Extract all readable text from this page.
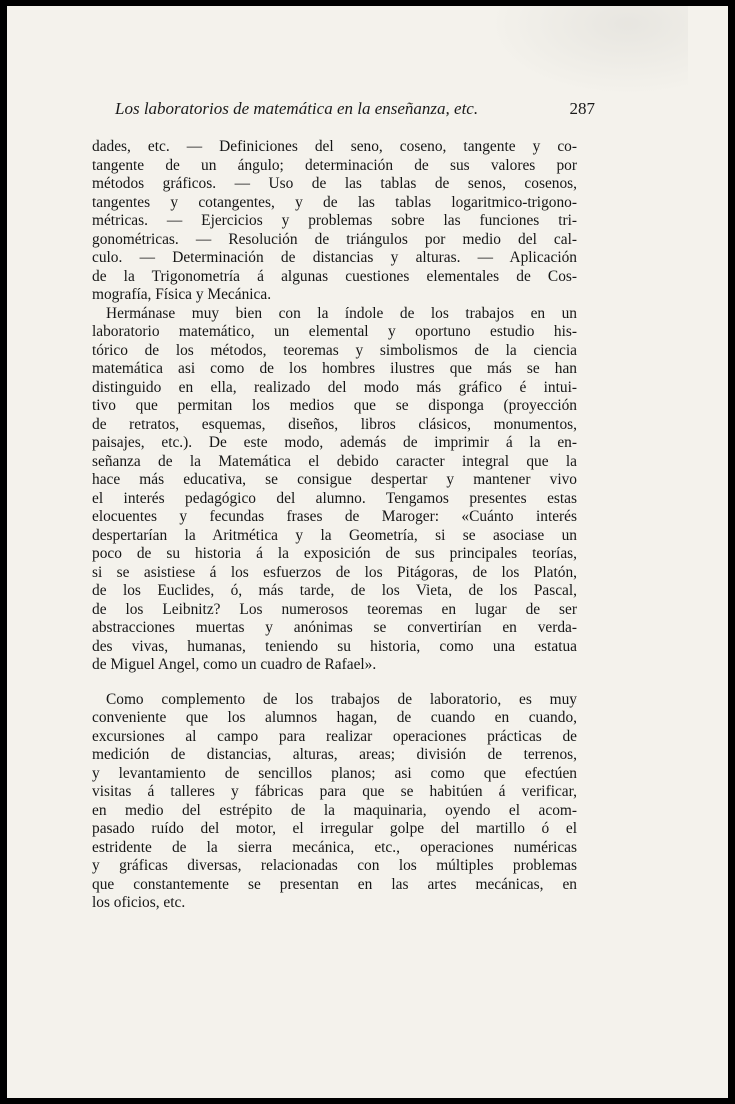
Los laboratorios de matemática en la enseñanza, etc.	287
dades, etc. — Definiciones del seno, coseno, tangente y co-
tangente de un ángulo; determinación de sus valores por
métodos gráficos. — Uso de las tablas de senos, cosenos,
tangentes y cotangentes, y de las tablas logaritmico-trigono-
métricas. — Ejercicios y problemas sobre las funciones tri-
gonométricas. — Resolución de triángulos por medio del cal-
culo. — Determinación de distancias y alturas. — Aplicación
de la Trigonometría á algunas cuestiones elementales de Cos-
mografía, Física y Mecánica.
Hermánase muy bien con la índole de los trabajos en un
laboratorio matemático, un elemental y oportuno estudio his-
tórico de los métodos, teoremas y simbolismos de la ciencia
matemática asi como de los hombres ilustres que más se han
distinguido en ella, realizado del modo más gráfico é intui-
tivo que permitan los medios que se disponga (proyección
de retratos, esquemas, diseños, libros clásicos, monumentos,
paisajes, etc.). De este modo, además de imprimir á la en-
señanza de la Matemática el debido caracter integral que la
hace más educativa, se consigue despertar y mantener vivo
el interés pedagógico del alumno. Tengamos presentes estas
elocuentes y fecundas frases de Maroger: «Cuánto interés
despertarían la Aritmética y la Geometría, si se asociase un
poco de su historia á la exposición de sus principales teorías,
si se asistiese á los esfuerzos de los Pitágoras, de los Platón,
de los Euclides, ó, más tarde, de los Vieta, de los Pascal,
de los Leibnitz? Los numerosos teoremas en lugar de ser
abstracciones muertas y anónimas se convertirían en verda-
des vivas, humanas, teniendo su historia, como una estatua
de Miguel Angel, como un cuadro de Rafael».
Como complemento de los trabajos de laboratorio, es muy
conveniente que los alumnos hagan, de cuando en cuando,
excursiones al campo para realizar operaciones prácticas de
medición de distancias, alturas, areas; división de terrenos,
y levantamiento de sencillos planos; asi como que efectúen
visitas á talleres y fábricas para que se habitúen á verificar,
en medio del estrépito de la maquinaria, oyendo el acom-
pasado ruído del motor, el irregular golpe del martillo ó el
estridente de la sierra mecánica, etc., operaciones numéricas
y gráficas diversas, relacionadas con los múltiples problemas
que constantemente se presentan en las artes mecánicas, en
los oficios, etc.
